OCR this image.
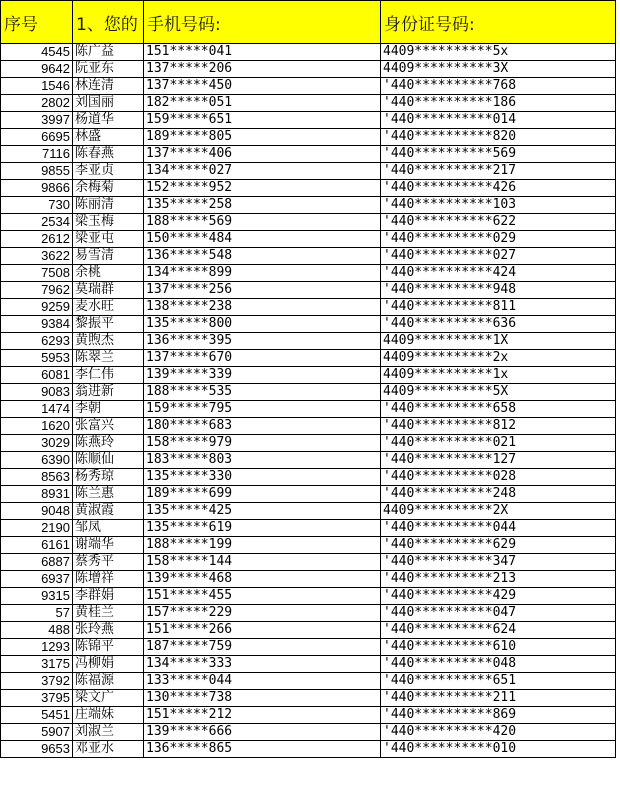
序号	1、您的	手机号码:	身份证号码:
4545	陈广益	151*****041	4409**********5x
9642	阮亚东	137*****206	4409**********3X
1546	林连清	137*****450	'440**********768
2802	刘国丽	182*****051	'440**********186
3997	杨道华	159*****651	'440**********014
6695	林盛	189*****805	'440**********820
7116	陈春燕	137*****406	'440**********569
9855	李亚贞	134*****027	'440**********217
9866	余梅菊	152*****952	'440**********426
730	陈丽清	135*****258	'440**********103
2534	梁玉梅	188*****569	'440**********622
2612	梁亚屯	150*****484	'440**********029
3622	易雪清	136*****548	'440**********027
7508	余桃	134*****899	'440**********424
7962	莫瑞群	137*****256	'440**********948
9259	麦水旺	138*****238	'440**********811
9384	黎振平	135*****800	'440**********636
6293	黄煦杰	136*****395	4409**********1X
5953	陈翠兰	137*****670	4409**********2x
6081	李仁伟	139*****339	4409**********1x
9083	翁进新	188*****535	4409**********5X
1474	李朝	159*****795	'440**********658
1620	张富兴	180*****683	'440**********812
3029	陈燕玲	158*****979	'440**********021
6390	陈顺仙	183*****803	'440**********127
8563	杨秀琼	135*****330	'440**********028
8931	陈兰惠	189*****699	'440**********248
9048	黄淑霞	135*****425	4409**********2X
2190	邹凤	135*****619	'440**********044
6161	谢端华	188*****199	'440**********629
6887	蔡秀平	158*****144	'440**********347
6937	陈增祥	139*****468	'440**********213
9315	李群娟	151*****455	'440**********429
57	黄桂兰	157*****229	'440**********047
488	张玲燕	151*****266	'440**********624
1293	陈锦平	187*****759	'440**********610
3175	冯柳娟	134*****333	'440**********048
3792	陈福源	133*****044	'440**********651
3795	梁文广	130*****738	'440**********211
5451	庄端妹	151*****212	'440**********869
5907	刘淑兰	139*****666	'440**********420
9653	邓亚水	136*****865	'440**********010
